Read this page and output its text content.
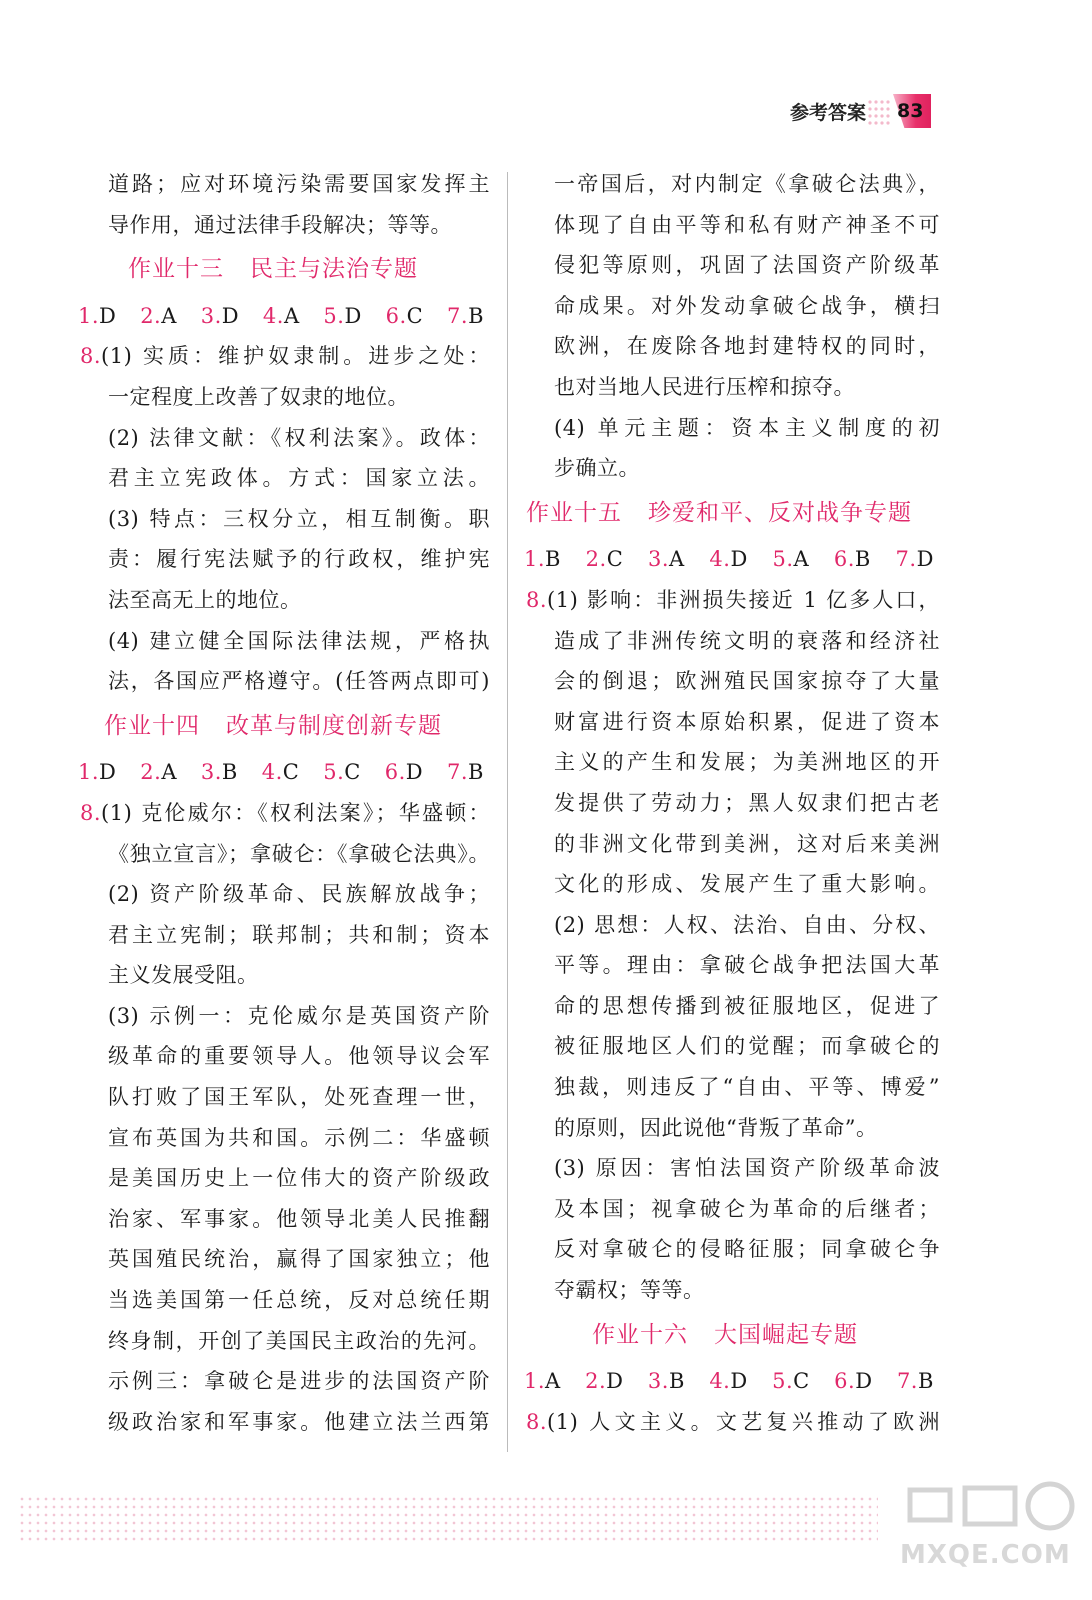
参考答案 83
道路；应对环境污染需要国家发挥主
导作用，通过法律手段解决；等等。
作业十三 民主与法治专题
1.D 2.A 3.D 4.A 5.D 6.C 7.B
8.(1) 实质：维护奴隶制。进步之处：
一定程度上改善了奴隶的地位。
(2) 法律文献：《权利法案》。政体：
君主立宪政体。方式：国家立法。
(3) 特点：三权分立，相互制衡。职
责：履行宪法赋予的行政权，维护宪
法至高无上的地位。
(4) 建立健全国际法律法规，严格执
法，各国应严格遵守。(任答两点即可)
作业十四 改革与制度创新专题
1.D 2.A 3.B 4.C 5.C 6.D 7.B
8.(1) 克伦威尔：《权利法案》；华盛顿：
《独立宣言》；拿破仑：《拿破仑法典》。
(2) 资产阶级革命、民族解放战争；
君主立宪制；联邦制；共和制；资本
主义发展受阻。
(3) 示例一：克伦威尔是英国资产阶
级革命的重要领导人。他领导议会军
队打败了国王军队，处死查理一世，
宣布英国为共和国。示例二：华盛顿
是美国历史上一位伟大的资产阶级政
治家、军事家。他领导北美人民推翻
英国殖民统治，赢得了国家独立；他
当选美国第一任总统，反对总统任期
终身制，开创了美国民主政治的先河。
示例三：拿破仑是进步的法国资产阶
级政治家和军事家。他建立法兰西第
一帝国后，对内制定《拿破仑法典》，
体现了自由平等和私有财产神圣不可
侵犯等原则，巩固了法国资产阶级革
命成果。对外发动拿破仑战争，横扫
欧洲，在废除各地封建特权的同时，
也对当地人民进行压榨和掠夺。
(4) 单元主题：资本主义制度的初
步确立。
作业十五 珍爱和平、反对战争专题
1.B 2.C 3.A 4.D 5.A 6.B 7.D
8.(1) 影响：非洲损失接近 1 亿多人口，
造成了非洲传统文明的衰落和经济社
会的倒退；欧洲殖民国家掠夺了大量
财富进行资本原始积累，促进了资本
主义的产生和发展；为美洲地区的开
发提供了劳动力；黑人奴隶们把古老
的非洲文化带到美洲，这对后来美洲
文化的形成、发展产生了重大影响。
(2) 思想：人权、法治、自由、分权、
平等。理由：拿破仑战争把法国大革
命的思想传播到被征服地区，促进了
被征服地区人们的觉醒；而拿破仑的
独裁，则违反了“自由、平等、博爱”
的原则，因此说他“背叛了革命”。
(3) 原因：害怕法国资产阶级革命波
及本国；视拿破仑为革命的后继者；
反对拿破仑的侵略征服；同拿破仑争
夺霸权；等等。
作业十六 大国崛起专题
1.A 2.D 3.B 4.D 5.C 6.D 7.B
8.(1) 人文主义。文艺复兴推动了欧洲
MXQE.COM
